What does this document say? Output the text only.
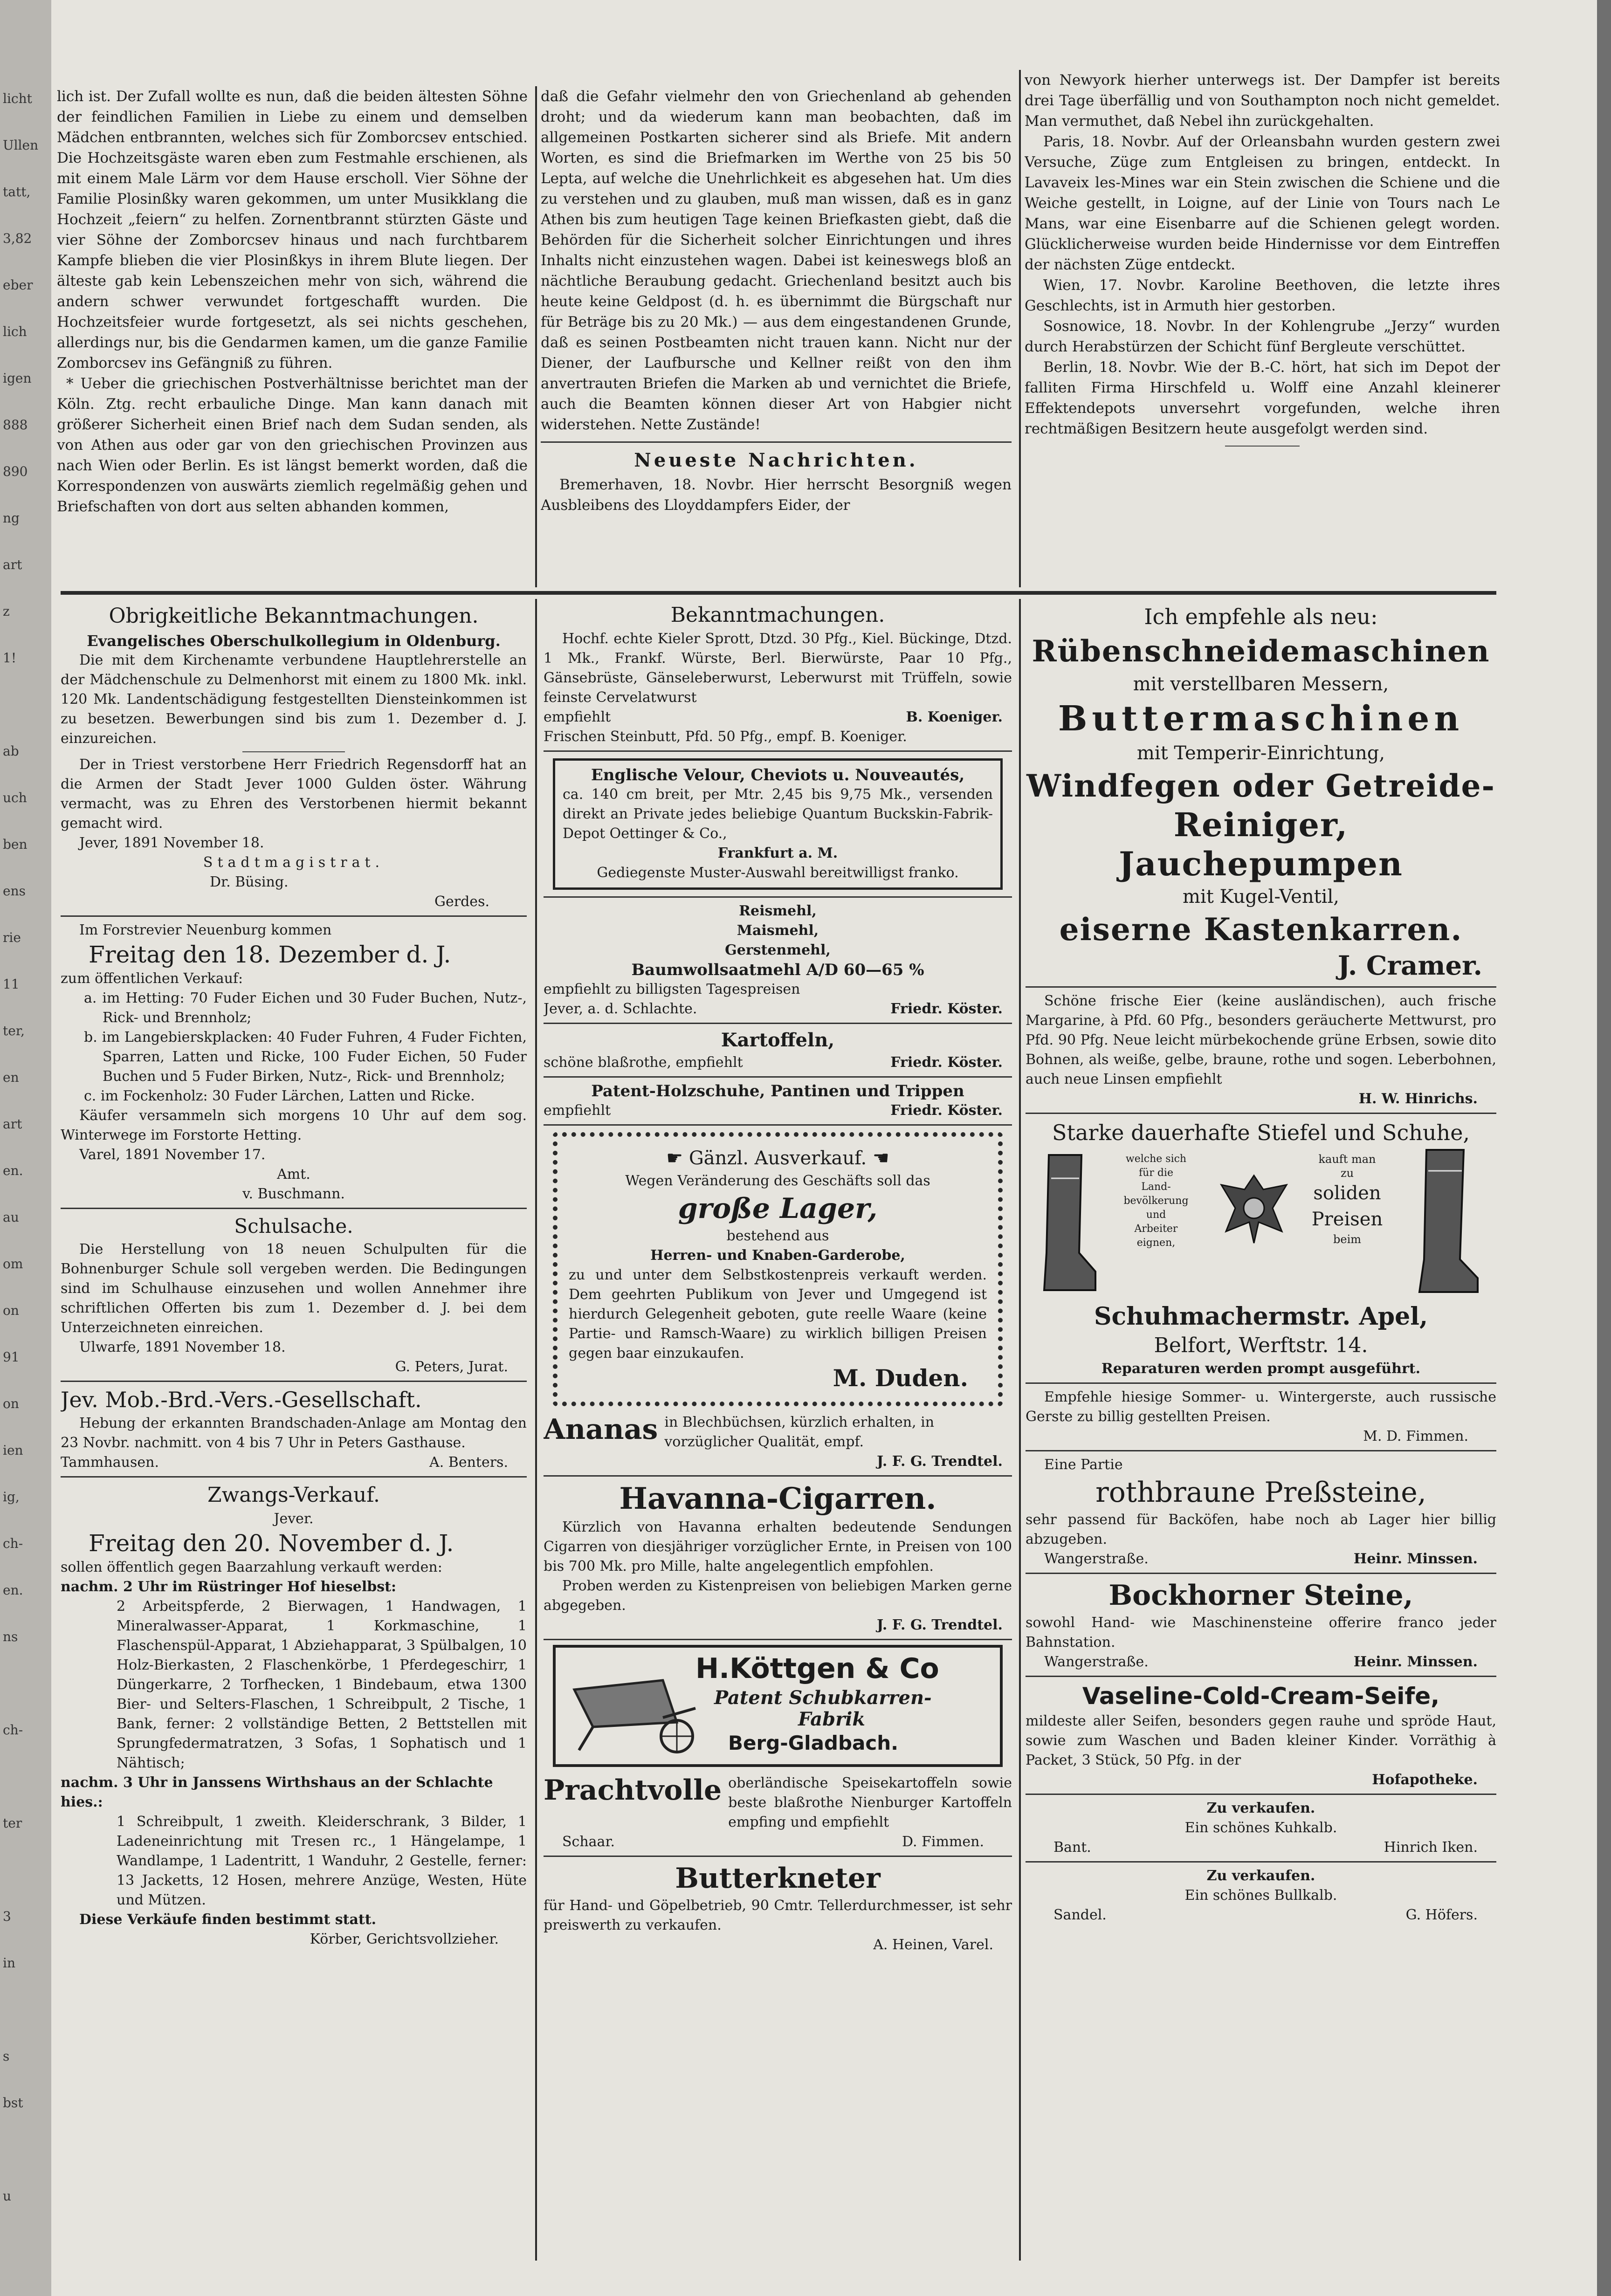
licht
Ullen
tatt,
3,82
eber
lich
igen
888
890
ng
art
z
1!
ab
uch
ben
ens
rie
11
ter,
en
art
en.
au
om
on
91
on
ien
ig,
ch-
en.
ns
ch-
ter
3
in
s
bst
u

lich ist. Der Zufall wollte es nun, daß die beiden ältesten Söhne der feindlichen Familien in Liebe zu einem und demselben Mädchen entbrannten, welches sich für Zomborcsev entschied. Die Hochzeitsgäste waren eben zum Festmahle erschienen, als mit einem Male Lärm vor dem Hause erscholl. Vier Söhne der Familie Plosinßky waren gekommen, um unter Musikklang die Hochzeit „feiern“ zu helfen. Zornentbrannt stürzten Gäste und vier Söhne der Zomborcsev hinaus und nach furchtbarem Kampfe blieben die vier Plosinßkys in ihrem Blute liegen. Der älteste gab kein Lebenszeichen mehr von sich, während die andern schwer verwundet fortgeschafft wurden. Die Hochzeitsfeier wurde fortgesetzt, als sei nichts geschehen, allerdings nur, bis die Gendarmen kamen, um die ganze Familie Zomborcsev ins Gefängniß zu führen.

* Ueber die griechischen Postverhältnisse berichtet man der Köln. Ztg. recht erbauliche Dinge. Man kann danach mit größerer Sicherheit einen Brief nach dem Sudan senden, als von Athen aus oder gar von den griechischen Provinzen aus nach Wien oder Berlin. Es ist längst bemerkt worden, daß die Korrespondenzen von auswärts ziemlich regelmäßig gehen und Briefschaften von dort aus selten abhanden kommen,

daß die Gefahr vielmehr den von Griechenland ab gehenden droht; und da wiederum kann man beobachten, daß im allgemeinen Postkarten sicherer sind als Briefe. Mit andern Worten, es sind die Briefmarken im Werthe von 25 bis 50 Lepta, auf welche die Unehrlichkeit es abgesehen hat. Um dies zu verstehen und zu glauben, muß man wissen, daß es in ganz Athen bis zum heutigen Tage keinen Briefkasten giebt, daß die Behörden für die Sicherheit solcher Einrichtungen und ihres Inhalts nicht einzustehen wagen. Dabei ist keineswegs bloß an nächtliche Beraubung gedacht. Griechenland besitzt auch bis heute keine Geldpost (d. h. es übernimmt die Bürgschaft nur für Beträge bis zu 20 Mk.) — aus dem eingestandenen Grunde, daß es seinen Postbeamten nicht trauen kann. Nicht nur der Diener, der Laufbursche und Kellner reißt von den ihm anvertrauten Briefen die Marken ab und vernichtet die Briefe, auch die Beamten können dieser Art von Habgier nicht widerstehen. Nette Zustände!

Neueste Nachrichten.

Bremerhaven, 18. Novbr. Hier herrscht Besorgniß wegen Ausbleibens des Lloyddampfers Eider, der

von Newyork hierher unterwegs ist. Der Dampfer ist bereits drei Tage überfällig und von Southampton noch nicht gemeldet. Man vermuthet, daß Nebel ihn zurückgehalten.

Paris, 18. Novbr. Auf der Orleansbahn wurden gestern zwei Versuche, Züge zum Entgleisen zu bringen, entdeckt. In Lavaveix les-Mines war ein Stein zwischen die Schiene und die Weiche gestellt, in Loigne, auf der Linie von Tours nach Le Mans, war eine Eisenbarre auf die Schienen gelegt worden. Glücklicherweise wurden beide Hindernisse vor dem Eintreffen der nächsten Züge entdeckt.

Wien, 17. Novbr. Karoline Beethoven, die letzte ihres Geschlechts, ist in Armuth hier gestorben.

Sosnowice, 18. Novbr. In der Kohlengrube „Jerzy“ wurden durch Herabstürzen der Schicht fünf Bergleute verschüttet.

Berlin, 18. Novbr. Wie der B.-C. hört, hat sich im Depot der falliten Firma Hirschfeld u. Wolff eine Anzahl kleinerer Effektendepots unversehrt vorgefunden, welche ihren rechtmäßigen Besitzern heute ausgefolgt werden sind.

Obrigkeitliche Bekanntmachungen.

Evangelisches Oberschulkollegium in Oldenburg.

Die mit dem Kirchenamte verbundene Hauptlehrerstelle an der Mädchenschule zu Delmenhorst mit einem zu 1800 Mk. inkl. 120 Mk. Landentschädigung festgestellten Diensteinkommen ist zu besetzen. Bewerbungen sind bis zum 1. Dezember d. J. einzureichen.

Der in Triest verstorbene Herr Friedrich Regensdorff hat an die Armen der Stadt Jever 1000 Gulden öster. Währung vermacht, was zu Ehren des Verstorbenen hiermit bekannt gemacht wird.

Jever, 1891 November 18.

Stadtmagistrat.

Dr. Büsing.

Gerdes.

Im Forstrevier Neuenburg kommen

Freitag den 18. Dezember d. J.

zum öffentlichen Verkauf:

a. im Hetting: 70 Fuder Eichen und 30 Fuder Buchen, Nutz-, Rick- und Brennholz;

b. im Langebierskplacken: 40 Fuder Fuhren, 4 Fuder Fichten, Sparren, Latten und Ricke, 100 Fuder Eichen, 50 Fuder Buchen und 5 Fuder Birken, Nutz-, Rick- und Brennholz;

c. im Fockenholz: 30 Fuder Lärchen, Latten und Ricke.

Käufer versammeln sich morgens 10 Uhr auf dem sog. Winterwege im Forstorte Hetting.

Varel, 1891 November 17.

Amt.

v. Buschmann.

Schulsache.

Die Herstellung von 18 neuen Schulpulten für die Bohnenburger Schule soll vergeben werden. Die Bedingungen sind im Schulhause einzusehen und wollen Annehmer ihre schriftlichen Offerten bis zum 1. Dezember d. J. bei dem Unterzeichneten einreichen.

Ulwarfe, 1891 November 18.

G. Peters, Jurat.

Jev. Mob.-Brd.-Vers.-Gesellschaft.

Hebung der erkannten Brandschaden-Anlage am Montag den 23 Novbr. nachmitt. von 4 bis 7 Uhr in Peters Gasthause.

Tammhausen.	A. Benters.

Zwangs-Verkauf.

Jever.

Freitag den 20. November d. J.

sollen öffentlich gegen Baarzahlung verkauft werden:

nachm. 2 Uhr im Rüstringer Hof hieselbst:

2 Arbeitspferde, 2 Bierwagen, 1 Handwagen, 1 Mineralwasser-Apparat, 1 Korkmaschine, 1 Flaschenspül-Apparat, 1 Abziehapparat, 3 Spülbalgen, 10 Holz-Bierkasten, 2 Flaschenkörbe, 1 Pferdegeschirr, 1 Düngerkarre, 2 Torfhecken, 1 Bindebaum, etwa 1300 Bier- und Selters-Flaschen, 1 Schreibpult, 2 Tische, 1 Bank, ferner: 2 vollständige Betten, 2 Bettstellen mit Sprungfedermatratzen, 3 Sofas, 1 Sophatisch und 1 Nähtisch;

nachm. 3 Uhr in Janssens Wirthshaus an der Schlachte hies.:

1 Schreibpult, 1 zweith. Kleiderschrank, 3 Bilder, 1 Ladeneinrichtung mit Tresen rc., 1 Hängelampe, 1 Wandlampe, 1 Ladentritt, 1 Wanduhr, 2 Gestelle, ferner: 13 Jacketts, 12 Hosen, mehrere Anzüge, Westen, Hüte und Mützen.

Diese Verkäufe finden bestimmt statt.

Körber, Gerichtsvollzieher.

Bekanntmachungen.

Hochf. echte Kieler Sprott, Dtzd. 30 Pfg., Kiel. Bückinge, Dtzd. 1 Mk., Frankf. Würste, Berl. Bierwürste, Paar 10 Pfg., Gänsebrüste, Gänseleberwurst, Leberwurst mit Trüffeln, sowie feinste Cervelatwurst

empfiehlt	B. Koeniger.

Frischen Steinbutt, Pfd. 50 Pfg., empf. B. Koeniger.

Englische Velour, Cheviots u. Nouveautés,

ca. 140 cm breit, per Mtr. 2,45 bis 9,75 Mk., versenden direkt an Private jedes beliebige Quantum Buckskin-Fabrik-Depot Oettinger & Co.,

Frankfurt a. M.

Gediegenste Muster-Auswahl bereitwilligst franko.

Reismehl,

Maismehl,

Gerstenmehl,

Baumwollsaatmehl A/D 60—65 %

empfiehlt zu billigsten Tagespreisen

Jever, a. d. Schlachte.	Friedr. Köster.

Kartoffeln,

schöne blaßrothe, empfiehlt	Friedr. Köster.

Patent-Holzschuhe, Pantinen und Trippen

empfiehlt	Friedr. Köster.

☛ Gänzl. Ausverkauf. ☚

Wegen Veränderung des Geschäfts soll das

große Lager,

bestehend aus

Herren- und Knaben-Garderobe,

zu und unter dem Selbstkostenpreis verkauft werden. Dem geehrten Publikum von Jever und Umgegend ist hierdurch Gelegenheit geboten, gute reelle Waare (keine Partie- und Ramsch-Waare) zu wirklich billigen Preisen gegen baar einzukaufen.

M. Duden.

Ananas in Blechbüchsen, kürzlich erhalten, in vorzüglicher Qualität, empf.

J. F. G. Trendtel.

Havanna-Cigarren.

Kürzlich von Havanna erhalten bedeutende Sendungen Cigarren von diesjähriger vorzüglicher Ernte, in Preisen von 100 bis 700 Mk. pro Mille, halte angelegentlich empfohlen.

Proben werden zu Kistenpreisen von beliebigen Marken gerne abgegeben.

J. F. G. Trendtel.

H.Köttgen & Co

Patent Schubkarren-

Fabrik

Berg-Gladbach.

Prachtvolle oberländische Speisekartoffeln sowie beste blaßrothe Nienburger Kartoffeln empfing und empfiehlt
Schaar.	D. Fimmen.

Butterkneter

für Hand- und Göpelbetrieb, 90 Cmtr. Tellerdurchmesser, ist sehr preiswerth zu verkaufen.

A. Heinen, Varel.

Ich empfehle als neu:

Rübenschneidemaschinen

mit verstellbaren Messern,

Buttermaschinen

mit Temperir-Einrichtung,

Windfegen oder Getreide-

Reiniger,

Jauchepumpen

mit Kugel-Ventil,

eiserne Kastenkarren.

J. Cramer.

Schöne frische Eier (keine ausländischen), auch frische Margarine, à Pfd. 60 Pfg., besonders geräucherte Mettwurst, pro Pfd. 90 Pfg. Neue leicht mürbekochende grüne Erbsen, sowie dito Bohnen, als weiße, gelbe, braune, rothe und sogen. Leberbohnen, auch neue Linsen empfiehlt

H. W. Hinrichs.

Starke dauerhafte Stiefel und Schuhe,

welche sich
für die
Land-
bevölkerung
und
Arbeiter
eignen,
kauft man
zu
soliden
Preisen
beim

Schuhmachermstr. Apel,

Belfort, Werftstr. 14.

Reparaturen werden prompt ausgeführt.

Empfehle hiesige Sommer- u. Wintergerste, auch russische Gerste zu billig gestellten Preisen.

M. D. Fimmen.

Eine Partie

rothbraune Preßsteine,

sehr passend für Backöfen, habe noch ab Lager hier billig abzugeben.

Wangerstraße.	Heinr. Minssen.

Bockhorner Steine,

sowohl Hand- wie Maschinensteine offerire franco jeder Bahnstation.

Wangerstraße.	Heinr. Minssen.

Vaseline-Cold-Cream-Seife,

mildeste aller Seifen, besonders gegen rauhe und spröde Haut, sowie zum Waschen und Baden kleiner Kinder. Vorräthig à Packet, 3 Stück, 50 Pfg. in der

Hofapotheke.

Zu verkaufen.

Ein schönes Kuhkalb.

Bant.	Hinrich Iken.

Zu verkaufen.

Ein schönes Bullkalb.

Sandel.	G. Höfers.
